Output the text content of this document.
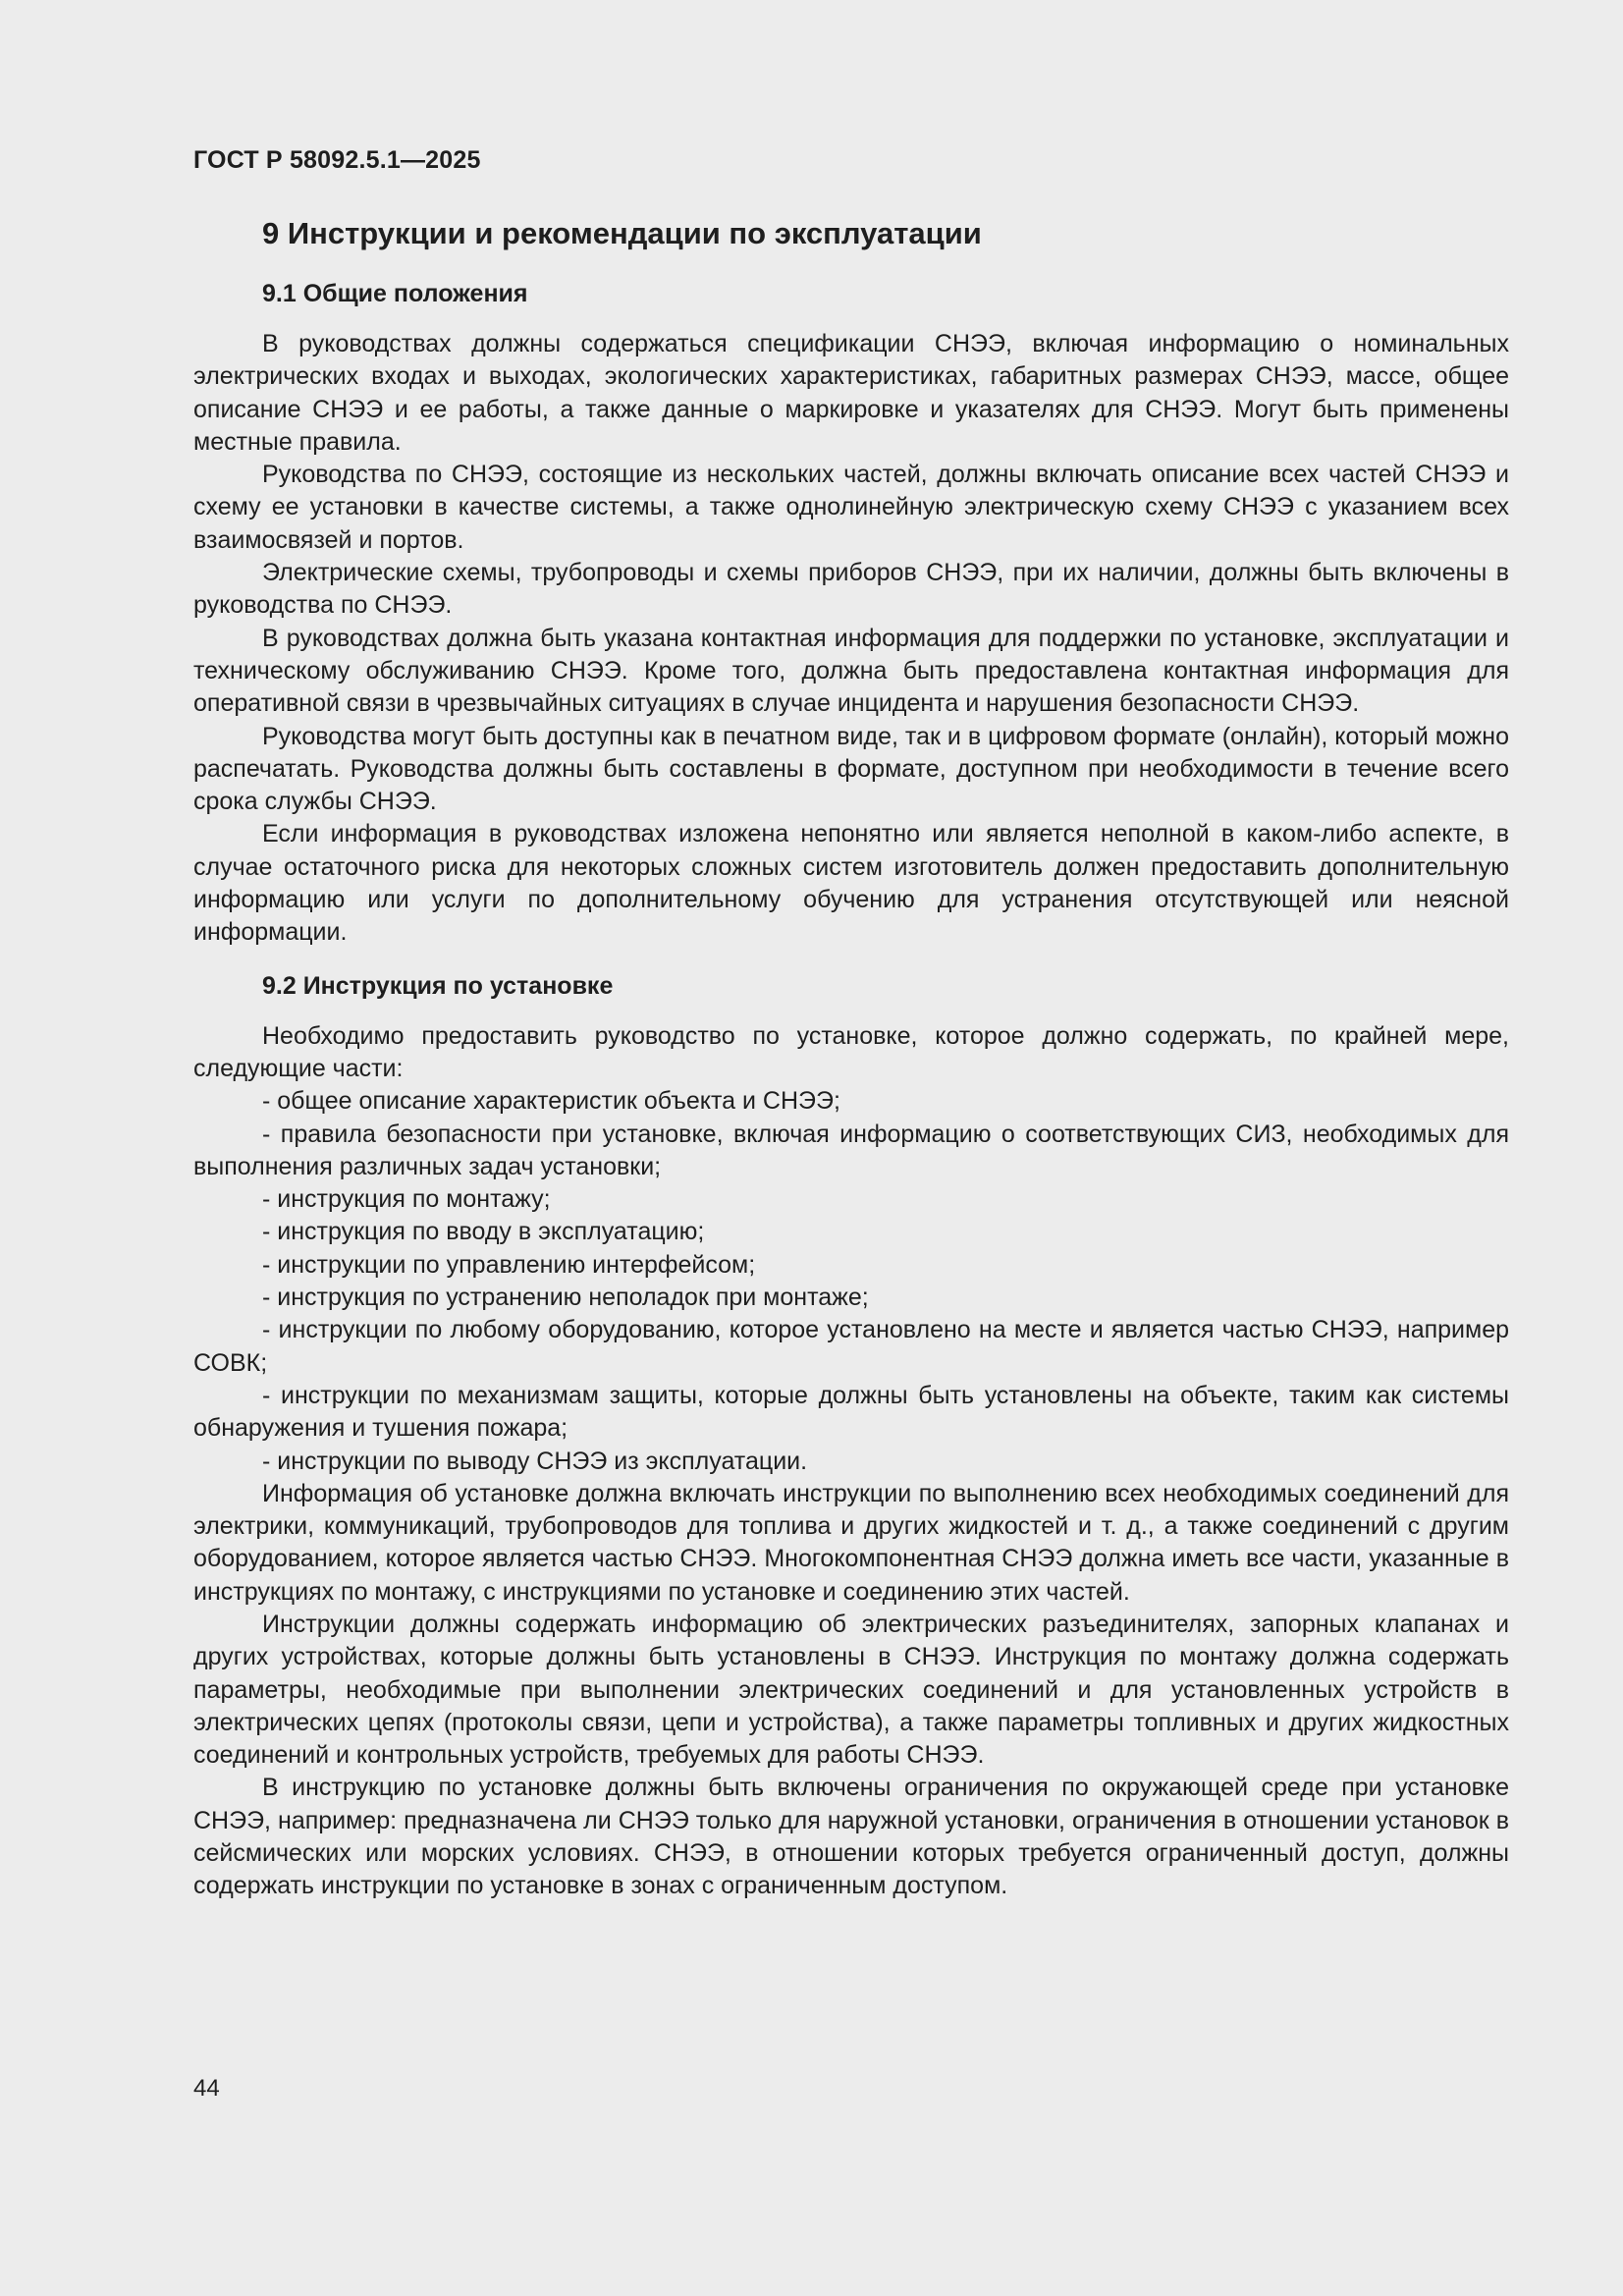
ГОСТ Р 58092.5.1—2025
9 Инструкции и рекомендации по эксплуатации
9.1 Общие положения

В руководствах должны содержаться спецификации СНЭЭ, включая информацию о номинальных электрических входах и выходах, экологических характеристиках, габаритных размерах СНЭЭ, массе, общее описание СНЭЭ и ее работы, а также данные о маркировке и указателях для СНЭЭ. Могут быть применены местные правила.

Руководства по СНЭЭ, состоящие из нескольких частей, должны включать описание всех частей СНЭЭ и схему ее установки в качестве системы, а также однолинейную электрическую схему СНЭЭ с указанием всех взаимосвязей и портов.

Электрические схемы, трубопроводы и схемы приборов СНЭЭ, при их наличии, должны быть включены в руководства по СНЭЭ.

В руководствах должна быть указана контактная информация для поддержки по установке, эксплуатации и техническому обслуживанию СНЭЭ. Кроме того, должна быть предоставлена контактная информация для оперативной связи в чрезвычайных ситуациях в случае инцидента и нарушения безопасности СНЭЭ.

Руководства могут быть доступны как в печатном виде, так и в цифровом формате (онлайн), который можно распечатать. Руководства должны быть составлены в формате, доступном при необходимости в течение всего срока службы СНЭЭ.

Если информация в руководствах изложена непонятно или является неполной в каком-либо аспекте, в случае остаточного риска для некоторых сложных систем изготовитель должен предоставить дополнительную информацию или услуги по дополнительному обучению для устранения отсутствующей или неясной информации.

9.2 Инструкция по установке

Необходимо предоставить руководство по установке, которое должно содержать, по крайней мере, следующие части:

- общее описание характеристик объекта и СНЭЭ;

- правила безопасности при установке, включая информацию о соответствующих СИЗ, необходимых для выполнения различных задач установки;

- инструкция по монтажу;

- инструкция по вводу в эксплуатацию;

- инструкции по управлению интерфейсом;

- инструкция по устранению неполадок при монтаже;

- инструкции по любому оборудованию, которое установлено на месте и является частью СНЭЭ, например СОВК;

- инструкции по механизмам защиты, которые должны быть установлены на объекте, таким как системы обнаружения и тушения пожара;

- инструкции по выводу СНЭЭ из эксплуатации.

Информация об установке должна включать инструкции по выполнению всех необходимых соединений для электрики, коммуникаций, трубопроводов для топлива и других жидкостей и т. д., а также соединений с другим оборудованием, которое является частью СНЭЭ. Многокомпонентная СНЭЭ должна иметь все части, указанные в инструкциях по монтажу, с инструкциями по установке и соединению этих частей.

Инструкции должны содержать информацию об электрических разъединителях, запорных клапанах и других устройствах, которые должны быть установлены в СНЭЭ. Инструкция по монтажу должна содержать параметры, необходимые при выполнении электрических соединений и для установленных устройств в электрических цепях (протоколы связи, цепи и устройства), а также параметры топливных и других жидкостных соединений и контрольных устройств, требуемых для работы СНЭЭ.

В инструкцию по установке должны быть включены ограничения по окружающей среде при установке СНЭЭ, например: предназначена ли СНЭЭ только для наружной установки, ограничения в отношении установок в сейсмических или морских условиях. СНЭЭ, в отношении которых требуется ограниченный доступ, должны содержать инструкции по установке в зонах с ограниченным доступом.

44
